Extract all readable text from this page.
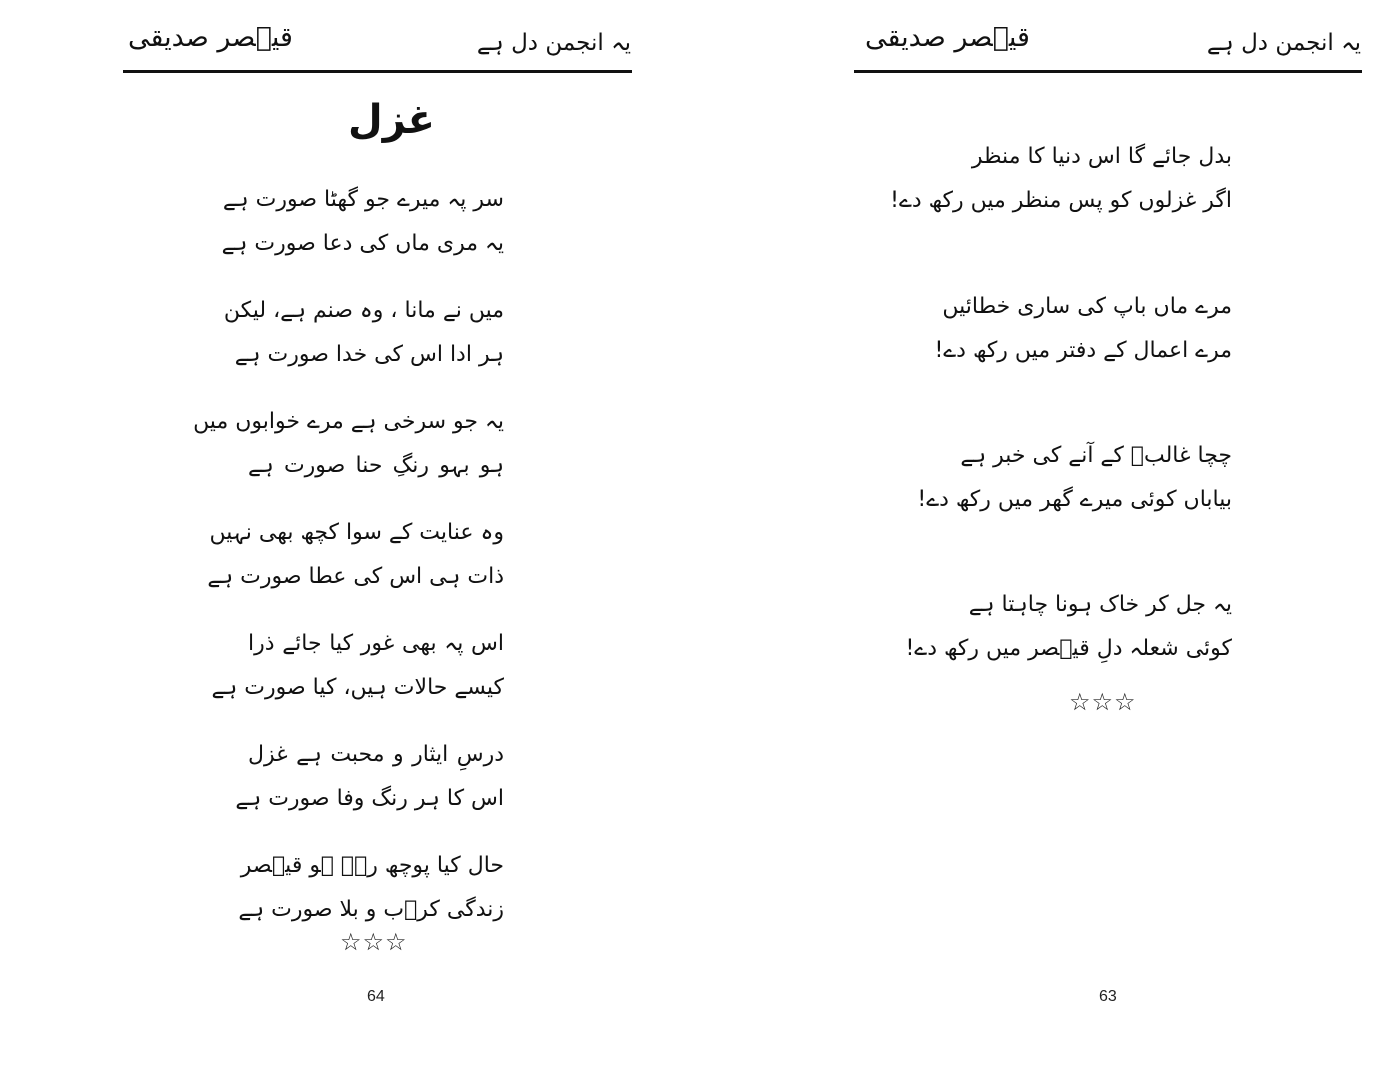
قیؔصر صدیقی	یہ انجمن دل ہے
غزل
سر پہ میرے جو گھٹا صورت ہے
یہ مری ماں کی دعا صورت ہے
میں نے مانا ، وہ صنم ہے، لیکن
ہر ادا اس کی خدا صورت ہے
یہ جو سرخی ہے مرے خوابوں میں
ہو بہو رنگِ حنا صورت ہے
وہ عنایت کے سوا کچھ بھی نہیں
ذات ہی اس کی عطا صورت ہے
اس پہ بھی غور کیا جائے ذرا
کیسے حالات ہیں، کیا صورت ہے
درسِ ایثار و محبت ہے غزل
اس کا ہر رنگ وفا صورت ہے
حال کیا پوچھ رہے ہو قیؔصر
زندگی کرؔب و بلا صورت ہے
☆☆☆
64
قیؔصر صدیقی	یہ انجمن دل ہے
بدل جائے گا اس دنیا کا منظر
اگر غزلوں کو پس منظر میں رکھ دے!
مرے ماں باپ کی ساری خطائیں
مرے اعمال کے دفتر میں رکھ دے!
چچا غالبؔ کے آنے کی خبر ہے
بیاباں کوئی میرے گھر میں رکھ دے!
یہ جل کر خاک ہونا چاہتا ہے
کوئی شعلہ دلِ قیؔصر میں رکھ دے!
☆☆☆
63
